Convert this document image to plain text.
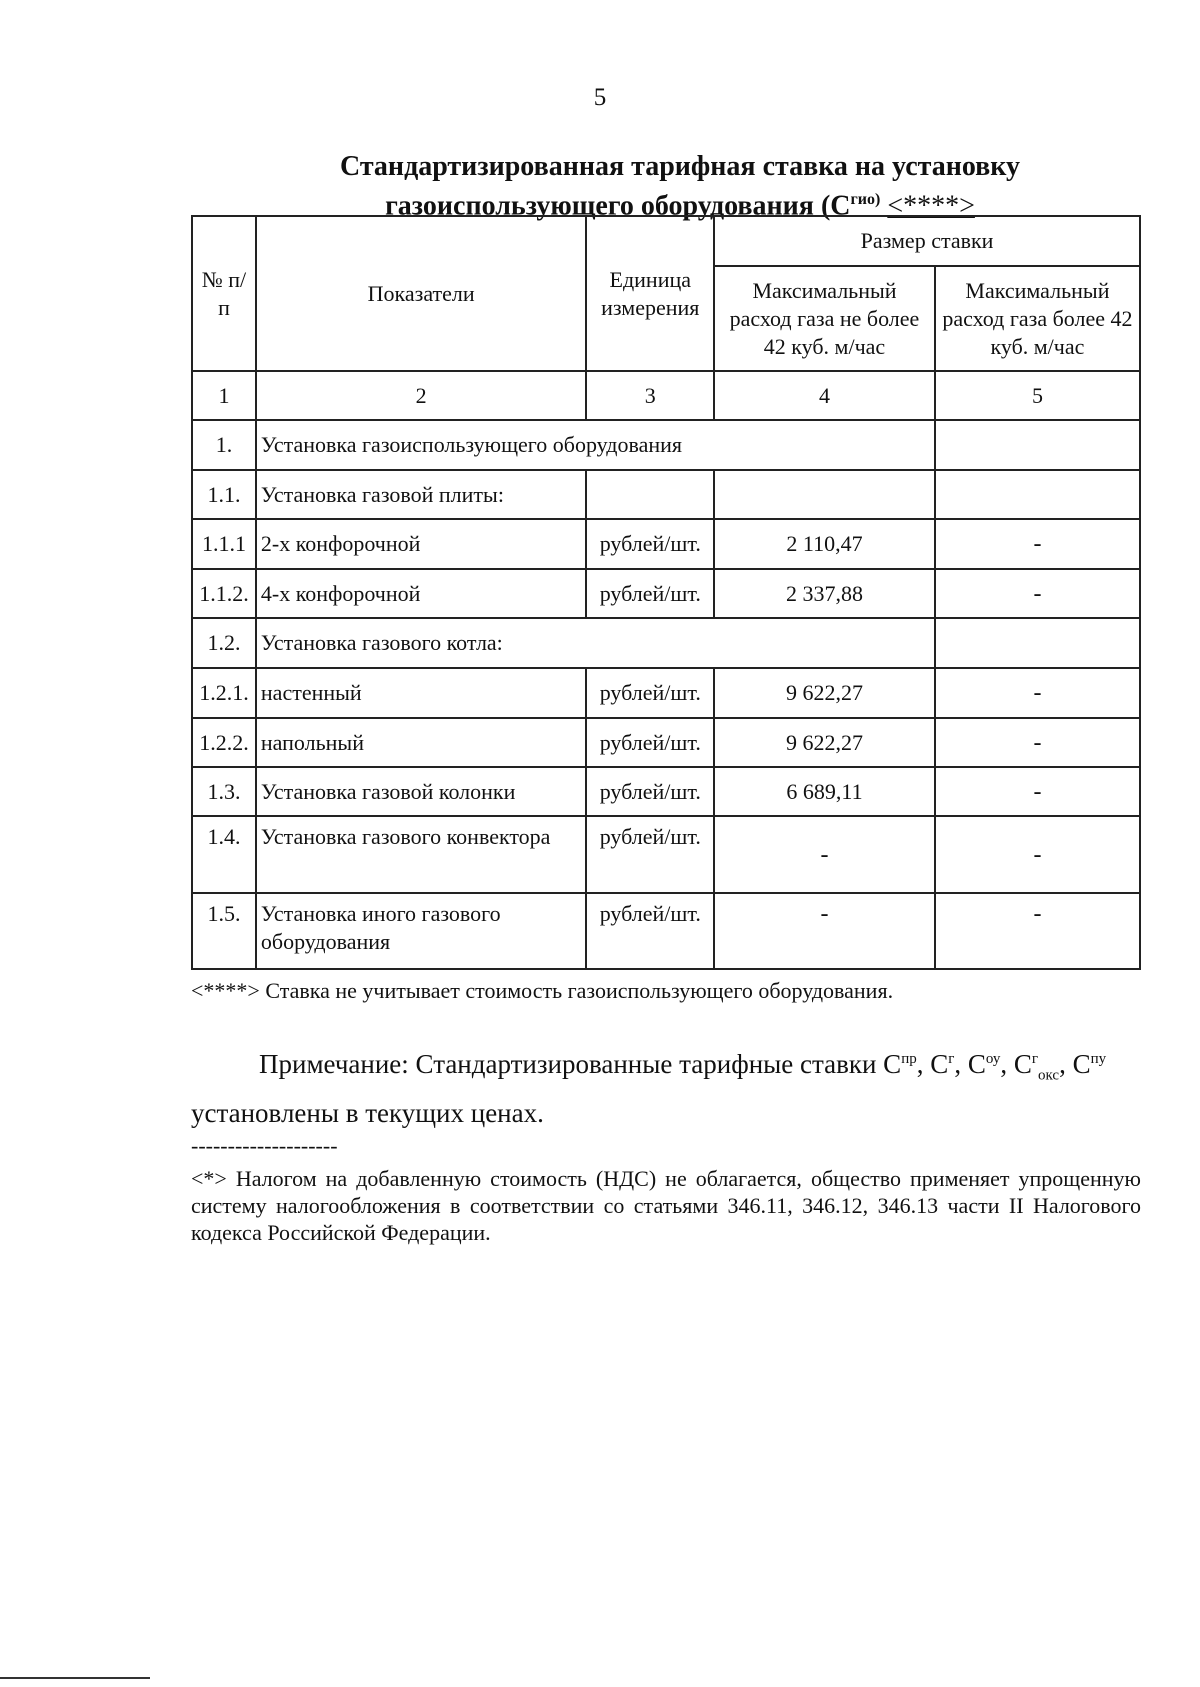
5
Стандартизированная тарифная ставка на установку
газоиспользующего оборудования ($С^{гио)}$ <****>
№ п/п	Показатели	Единица измерения	Размер ставки	
			Максимальный расход газа не более 42 куб. м/час	Максимальный расход газа более 42 куб. м/час
1	2	3	4	5
1.	Установка газоиспользующего оборудования			
1.1.	Установка газовой плиты:			
1.1.1	2-х конфорочной	рублей/шт.	2 110,47	-
1.1.2.	4-х конфорочной	рублей/шт.	2 337,88	-
1.2.	Установка газового котла:			
1.2.1.	настенный	рублей/шт.	9 622,27	-
1.2.2.	напольный	рублей/шт.	9 622,27	-
1.3.	Установка газовой колонки	рублей/шт.	6 689,11	-
1.4.	Установка газового конвектора	рублей/шт.	-	-
1.5.	Установка иного газового оборудования	рублей/шт.	-	-
<****> Ставка не учитывает стоимость газоиспользующего оборудования.
Примечание: Стандартизированные тарифные ставки $С^{пр}$, $С^г$, $С^{оу}$, $С^г_{окс}$, $С^{пу}$ установлены в текущих ценах.
--------------------
<*> Налогом на добавленную стоимость (НДС) не облагается, общество применяет упрощенную систему налогообложения в соответствии со статьями 346.11, 346.12, 346.13 части II Налогового кодекса Российской Федерации.
